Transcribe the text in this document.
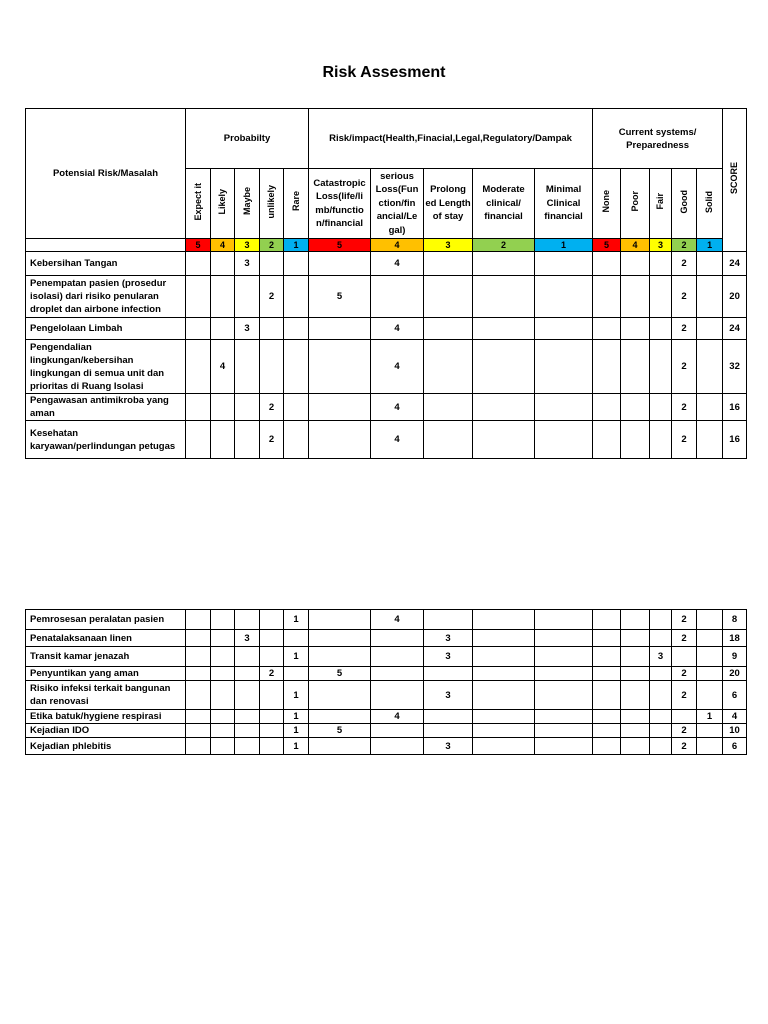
Risk Assesment
Potensial Risk/Masalah	Probabilty					Risk/impact(Health,Finacial,Legal,Regulatory/Dampak					Current systems/ Preparedness					SCORE
	Expect it	Likely	Maybe	unlikely	Rare	Catastropic Loss(life/li mb/functio n/financial	serious Loss(Fun ction/fin ancial/Le gal)	Prolong ed Length of stay	Moderate clinical/ financial	Minimal Clinical financial	None	Poor	Fair	Good	Solid	
	5	4	3	2	1	5	4	3	2	1	5	4	3	2	1	
Kebersihan Tangan			3				4							2		24
Penempatan pasien (prosedur isolasi) dari risiko penularan droplet dan airbone infection				2		5								2		20
Pengelolaan Limbah			3				4							2		24
Pengendalian lingkungan/kebersihan lingkungan di semua unit dan prioritas di Ruang Isolasi		4					4							2		32
Pengawasan antimikroba yang aman				2			4							2		16
Kesehatan karyawan/perlindungan petugas				2			4							2		16
Pemrosesan peralatan pasien					1		4							2		8
Penatalaksanaan linen			3					3						2		18
Transit kamar jenazah					1			3					3			9
Penyuntikan yang aman				2		5								2		20
Risiko infeksi terkait bangunan dan renovasi					1			3						2		6
Etika batuk/hygiene respirasi					1		4								1	4
Kejadian IDO					1	5								2		10
Kejadian phlebitis					1			3						2		6
